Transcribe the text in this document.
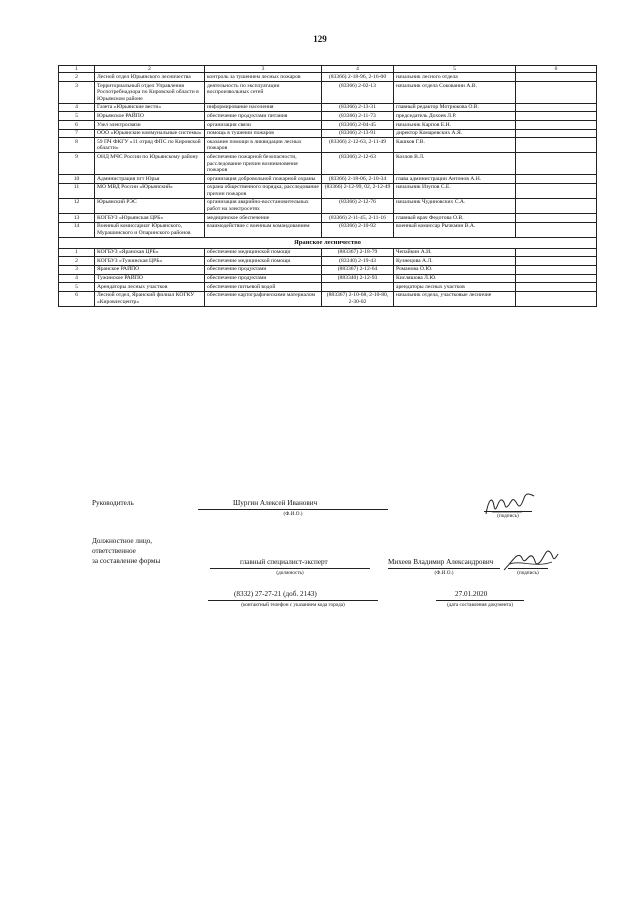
129
1	2	3	4	5	6
2	Лесной отдел Юрьянского лесничества	контроль за тушением лесных пожаров	(83366) 2-18-96, 2-16-00	начальник лесного отдела	
3	Территориальный отдел Управления Роспотребнадзора по Кировской области в Юрьянском районе	деятельность по эксплуатации воспроизвольных сетей	(83366) 2-02-13	начальник отдела Сокованин А.В.	
4	Газета «Юрьянские вести»	информирование населения	(83366) 2-13-31	главный редактор Мотрюкова О.В.	
5	Юрьянское РАЙПО	обеспечение продуктами питания	(83366) 2-11-73	председатель Дохоев Л.Р.	
6	Узел электросвязи	организация связи	(83366) 2-04-45	начальник Карпов Е.Н.	
7	ООО «Юрьянские коммунальные системы»	помощь в тушении пожаров	(83366) 2-13-91	директор Комаревских А.Я.	
8	59 ПЧ ФКГУ «11 отряд ФПС по Кировской области»	оказание помощи в ликвидации лесных пожаров	(83366) 2-12-63, 2-11-49	Кашков Г.В.	
9	ОНД МЧС России по Юрьянскому району	обеспечение пожарной безопасности, расследование причин возникновения пожаров	(83366) 2-12-63	Козлов В.Л.	
10	Администрация пгт Юрья	организация добровольной пожарной охраны	(83366) 2-18-06, 2-10-34	глава администрации Антонов А.Н.	
11	МО МВД России «Юрьянский»	охрана общественного порядка, расследование причин пожаров	(83366) 2-12-99, 02, 2-12-49	начальник Изупов С.Е.	
12	Юрьянский РЭС	организация аварийно-восстановительных работ на электросетях	(83366) 2-12-76	начальник Чудиновских С.А.	
13	КОГБУЗ «Юрьянская ЦРБ»	медицинское обеспечение	(83366) 2-11-45, 2-11-16	главный врач Федотова О.В.	
14	Военный комиссариат Юрьянского, Мурашинского и Опаринского районов	взаимодействие с военным командованием	(83366) 2-10-92	военный комиссар Рычкмин В.А.	
Яранское лесничество					
1	КОГБУЗ «Яранская ЦРБ»	обеспечение медицинской помощи	(883367) 2-18-79	Чепайкин А.И.	
2	КОГБУЗ «Тужинская ЦРБ»	обеспечение медицинской помощи	(83340) 2-19-43	Кузнецова А.Л.	
3	Яранское РАЙПО	обеспечение продуктами	(883367) 2-12-64	Романова О.Ю.	
4	Тужинское РАЙПО	обеспечение продуктами	(883340) 2-12-93	Кисляшова Л.Ю.	
5	Арендаторы лесных участков	обеспечение питьевой водой		арендаторы лесных участков	
6	Лесной отдел, Яранский филиал КОГКУ «Кировлесцентр»	обеспечение картографическими материалом	(883367) 2-10-68, 2-10-80, 2-30-02	начальник отдела, участковые лесничие	
Руководитель	Шургин Алексей Иванович
(Ф.И.О.)	(подпись)
Должностное лицо,
ответственное
за составление формы	главный специалист-эксперт
(должность)
Михеев Владимир Александрович
(Ф.И.О.)	(подпись)
(8332) 27-27-21 (доб. 2143)
(контактный телефон с указанием кода города)
27.01.2020
(дата составления документа)
